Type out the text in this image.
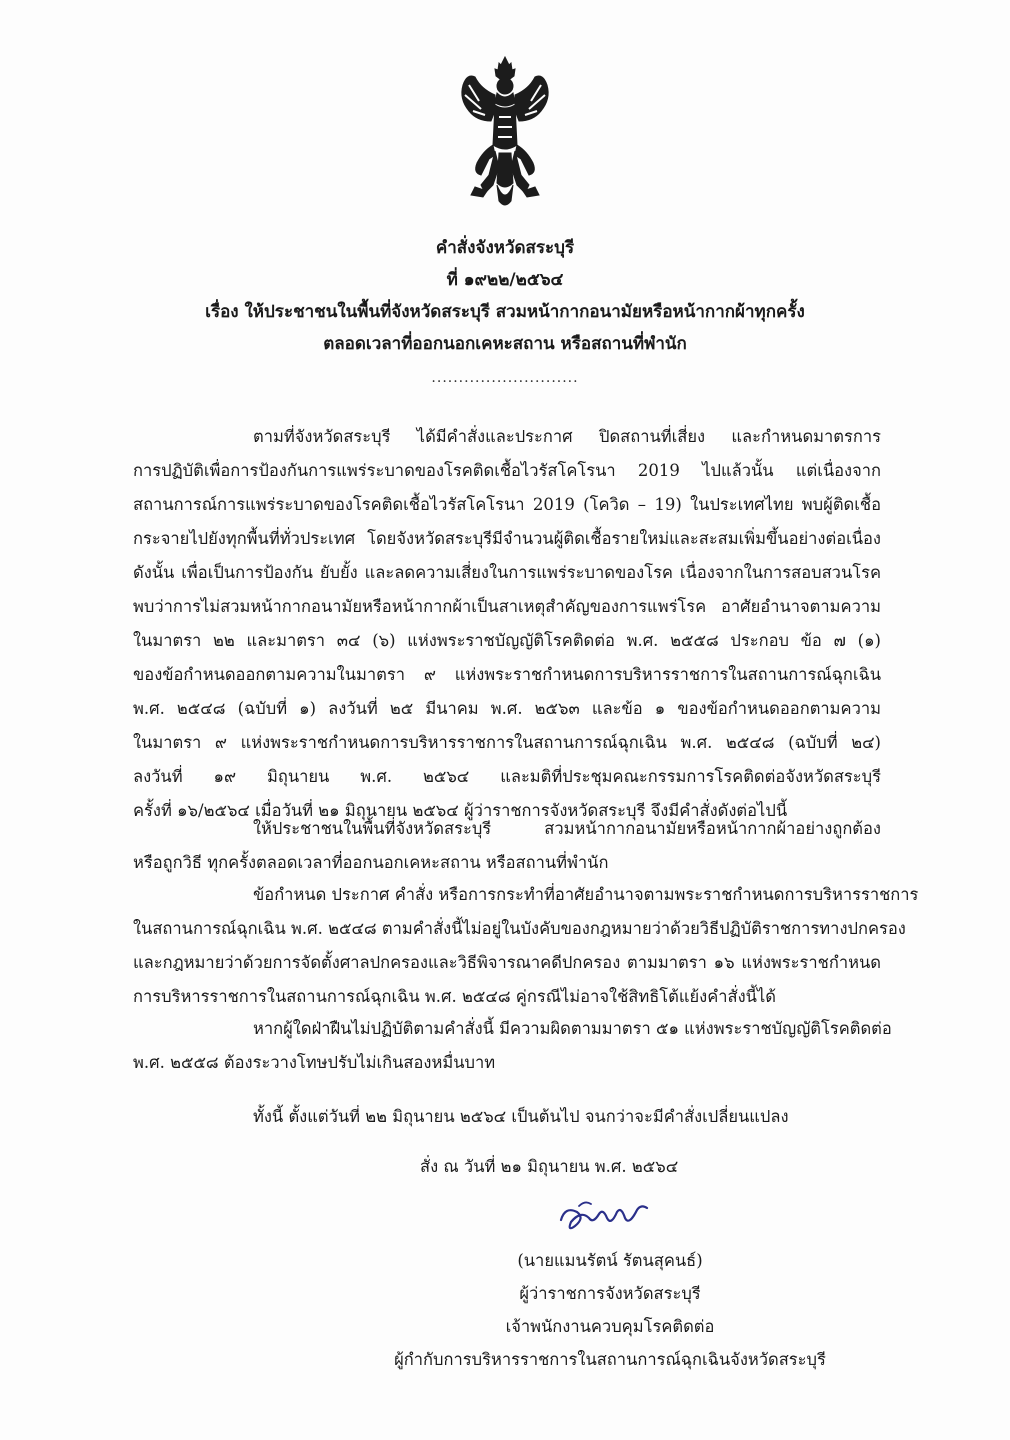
คำสั่งจังหวัดสระบุรี
ที่ ๑๙๒๒/๒๕๖๔
เรื่อง ให้ประชาชนในพื้นที่จังหวัดสระบุรี สวมหน้ากากอนามัยหรือหน้ากากผ้าทุกครั้ง
ตลอดเวลาที่ออกนอกเคหะสถาน หรือสถานที่พำนัก
...........................
ตามที่จังหวัดสระบุรี ได้มีคำสั่งและประกาศ ปิดสถานที่เสี่ยง และกำหนดมาตรการ
การปฏิบัติเพื่อการป้องกันการแพร่ระบาดของโรคติดเชื้อไวรัสโคโรนา 2019 ไปแล้วนั้น แต่เนื่องจาก
สถานการณ์การแพร่ระบาดของโรคติดเชื้อไวรัสโคโรนา 2019 (โควิด – 19) ในประเทศไทย พบผู้ติดเชื้อ
กระจายไปยังทุกพื้นที่ทั่วประเทศ โดยจังหวัดสระบุรีมีจำนวนผู้ติดเชื้อรายใหม่และสะสมเพิ่มขึ้นอย่างต่อเนื่อง
ดังนั้น เพื่อเป็นการป้องกัน ยับยั้ง และลดความเสี่ยงในการแพร่ระบาดของโรค เนื่องจากในการสอบสวนโรค
พบว่าการไม่สวมหน้ากากอนามัยหรือหน้ากากผ้าเป็นสาเหตุสำคัญของการแพร่โรค อาศัยอำนาจตามความ
ในมาตรา ๒๒ และมาตรา ๓๔ (๖) แห่งพระราชบัญญัติโรคติดต่อ พ.ศ. ๒๕๕๘ ประกอบ ข้อ ๗ (๑)
ของข้อกำหนดออกตามความในมาตรา ๙ แห่งพระราชกำหนดการบริหารราชการในสถานการณ์ฉุกเฉิน
พ.ศ. ๒๕๔๘ (ฉบับที่ ๑) ลงวันที่ ๒๕ มีนาคม พ.ศ. ๒๕๖๓ และข้อ ๑ ของข้อกำหนดออกตามความ
ในมาตรา ๙ แห่งพระราชกำหนดการบริหารราชการในสถานการณ์ฉุกเฉิน พ.ศ. ๒๕๔๘ (ฉบับที่ ๒๔)
ลงวันที่ ๑๙ มิถุนายน พ.ศ. ๒๕๖๔ และมติที่ประชุมคณะกรรมการโรคติดต่อจังหวัดสระบุรี
ครั้งที่ ๑๖/๒๕๖๔ เมื่อวันที่ ๒๑ มิถุนายน ๒๕๖๔ ผู้ว่าราชการจังหวัดสระบุรี จึงมีคำสั่งดังต่อไปนี้
ให้ประชาชนในพื้นที่จังหวัดสระบุรี สวมหน้ากากอนามัยหรือหน้ากากผ้าอย่างถูกต้อง
หรือถูกวิธี ทุกครั้งตลอดเวลาที่ออกนอกเคหะสถาน หรือสถานที่พำนัก
ข้อกำหนด ประกาศ คำสั่ง หรือการกระทำที่อาศัยอำนาจตามพระราชกำหนดการบริหารราชการ
ในสถานการณ์ฉุกเฉิน พ.ศ. ๒๕๔๘ ตามคำสั่งนี้ไม่อยู่ในบังคับของกฎหมายว่าด้วยวิธีปฏิบัติราชการทางปกครอง
และกฎหมายว่าด้วยการจัดตั้งศาลปกครองและวิธีพิจารณาคดีปกครอง ตามมาตรา ๑๖ แห่งพระราชกำหนด
การบริหารราชการในสถานการณ์ฉุกเฉิน พ.ศ. ๒๕๔๘ คู่กรณีไม่อาจใช้สิทธิโต้แย้งคำสั่งนี้ได้
หากผู้ใดฝ่าฝืนไม่ปฏิบัติตามคำสั่งนี้ มีความผิดตามมาตรา ๕๑ แห่งพระราชบัญญัติโรคติดต่อ
พ.ศ. ๒๕๕๘ ต้องระวางโทษปรับไม่เกินสองหมื่นบาท
ทั้งนี้ ตั้งแต่วันที่ ๒๒ มิถุนายน ๒๕๖๔ เป็นต้นไป จนกว่าจะมีคำสั่งเปลี่ยนแปลง
สั่ง ณ วันที่ ๒๑ มิถุนายน พ.ศ. ๒๕๖๔
(นายแมนรัตน์ รัตนสุคนธ์)
ผู้ว่าราชการจังหวัดสระบุรี
เจ้าพนักงานควบคุมโรคติดต่อ
ผู้กำกับการบริหารราชการในสถานการณ์ฉุกเฉินจังหวัดสระบุรี
